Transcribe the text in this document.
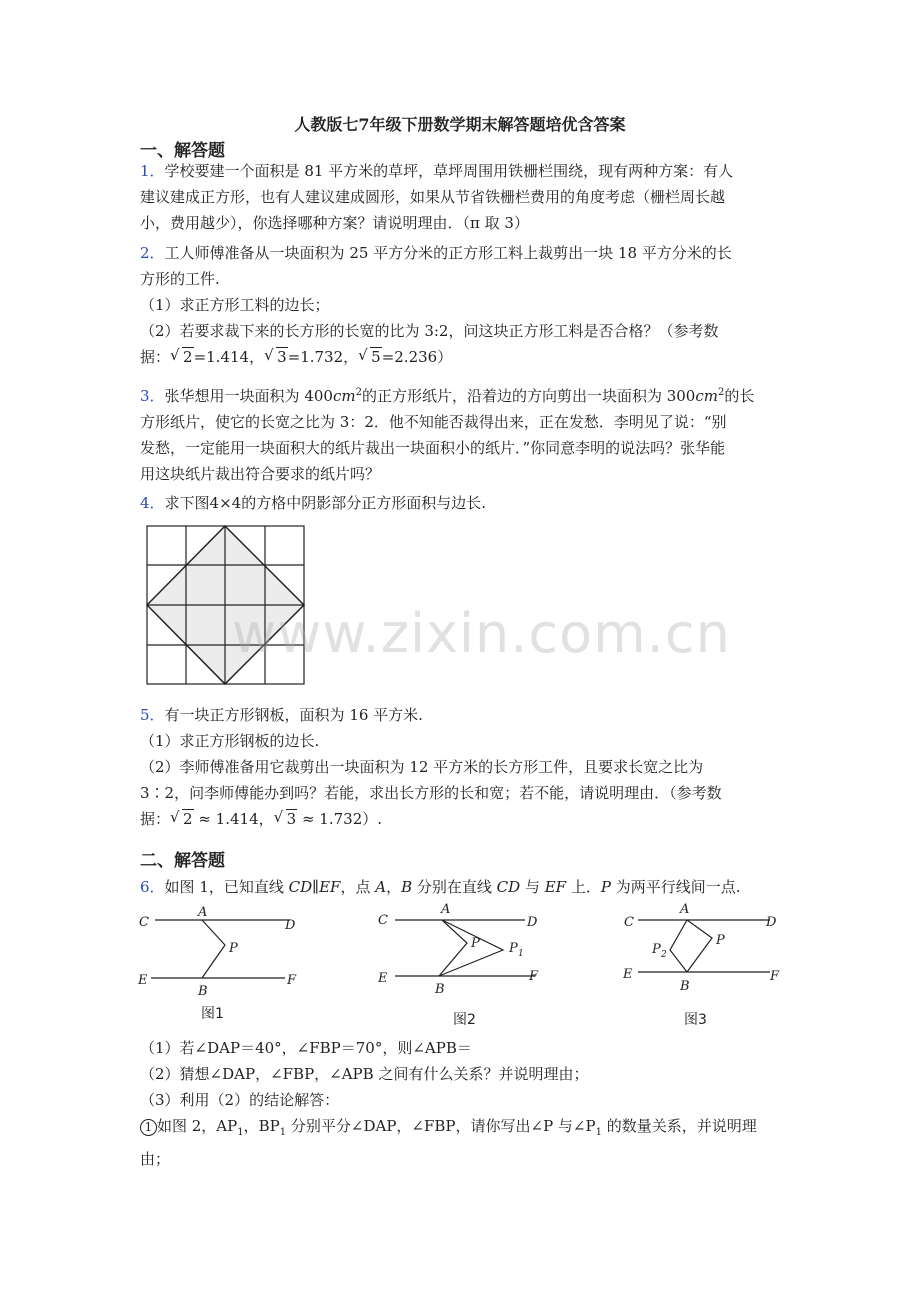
人教版七7年级下册数学期末解答题培优含答案
一、解答题
1．学校要建一个面积是 81 平方米的草坪，草坪周围用铁栅栏围绕，现有两种方案：有人
建议建成正方形，也有人建议建成圆形，如果从节省铁栅栏费用的角度考虑（栅栏周长越
小，费用越少），你选择哪种方案？请说明理由．（π 取 3）
2．工人师傅准备从一块面积为 25 平方分米的正方形工料上裁剪出一块 18 平方分米的长
方形的工件.
（1）求正方形工料的边长；
（2）若要求裁下来的长方形的长宽的比为 3:2，问这块正方形工料是否合格？（参考数
据： √ 2=1.414， √ 3=1.732， √ 5=2.236）
3．张华想用一块面积为 $400cm^2$的正方形纸片，沿着边的方向剪出一块面积为 $300cm^2$的长
方形纸片，使它的长宽之比为 3：2．他不知能否裁得出来，正在发愁．李明见了说：“别
发愁，一定能用一块面积大的纸片裁出一块面积小的纸片．”你同意李明的说法吗？张华能
用这块纸片裁出符合要求的纸片吗？
4．求下图4×4的方格中阴影部分正方形面积与边长.
www.zixin.com.cn
5．有一块正方形钢板，面积为 16 平方米.
（1）求正方形钢板的边长.
（2）李师傅准备用它裁剪出一块面积为 12 平方米的长方形工件，且要求长宽之比为
3∶2，问李师傅能办到吗？若能，求出长方形的长和宽；若不能，请说明理由．（参考数
据： √ 2 ≈ 1.414， √ 3 ≈ 1.732）.
二、解答题
6．如图 1，已知直线 CD∥EF，点 A，B 分别在直线 CD 与 EF 上．P 为两平行线间一点.
C	D
A
P
E	F
B
图1
C	D
A
P P 1
E	F
B
图2
C	D
A
P
P 2
E	F
B
图3
（1）若∠DAP＝40°，∠FBP＝70°，则∠APB＝
（2）猜想∠DAP，∠FBP，∠APB 之间有什么关系？并说明理由；
（3）利用（2）的结论解答：
1 如图 2，$AP_1$，$BP_1$ 分别平分∠DAP，∠FBP，请你写出∠P 与$\angle P_1$ 的数量关系，并说明理
由；
